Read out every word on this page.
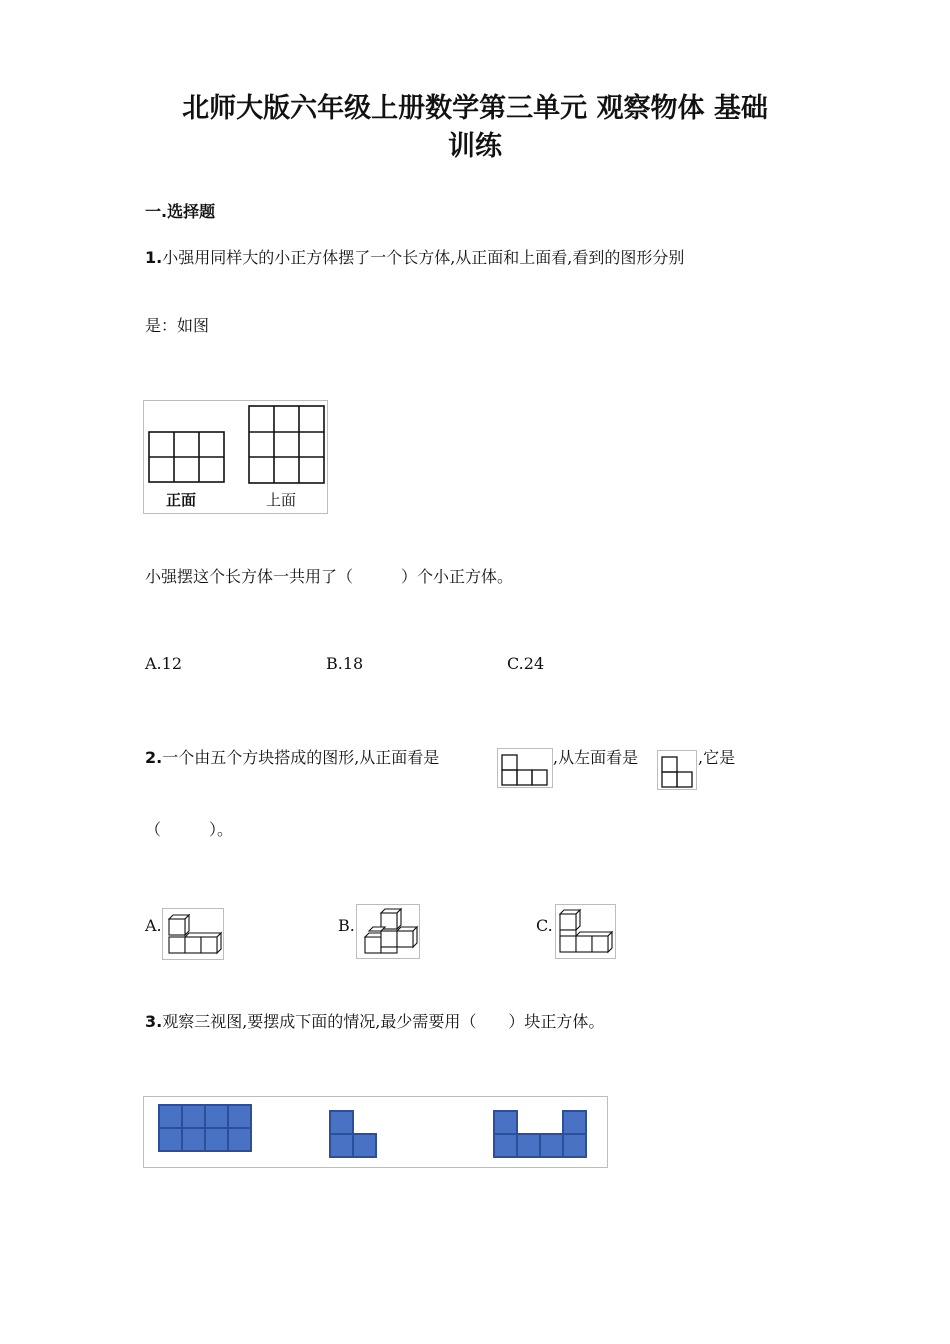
北师大版六年级上册数学第三单元 观察物体 基础
训练
一.选择题
1.小强用同样大的小正方体摆了一个长方体,从正面和上面看,看到的图形分别
是：如图
正面	上面
小强摆这个长方体一共用了（　　　）个小正方体。
A.12	B.18	C.24
2.一个由五个方块搭成的图形,从正面看是	,从左面看是	,它是
（　　　）。
A.	B.	C.
3.观察三视图,要摆成下面的情况,最少需要用（　　）块正方体。
